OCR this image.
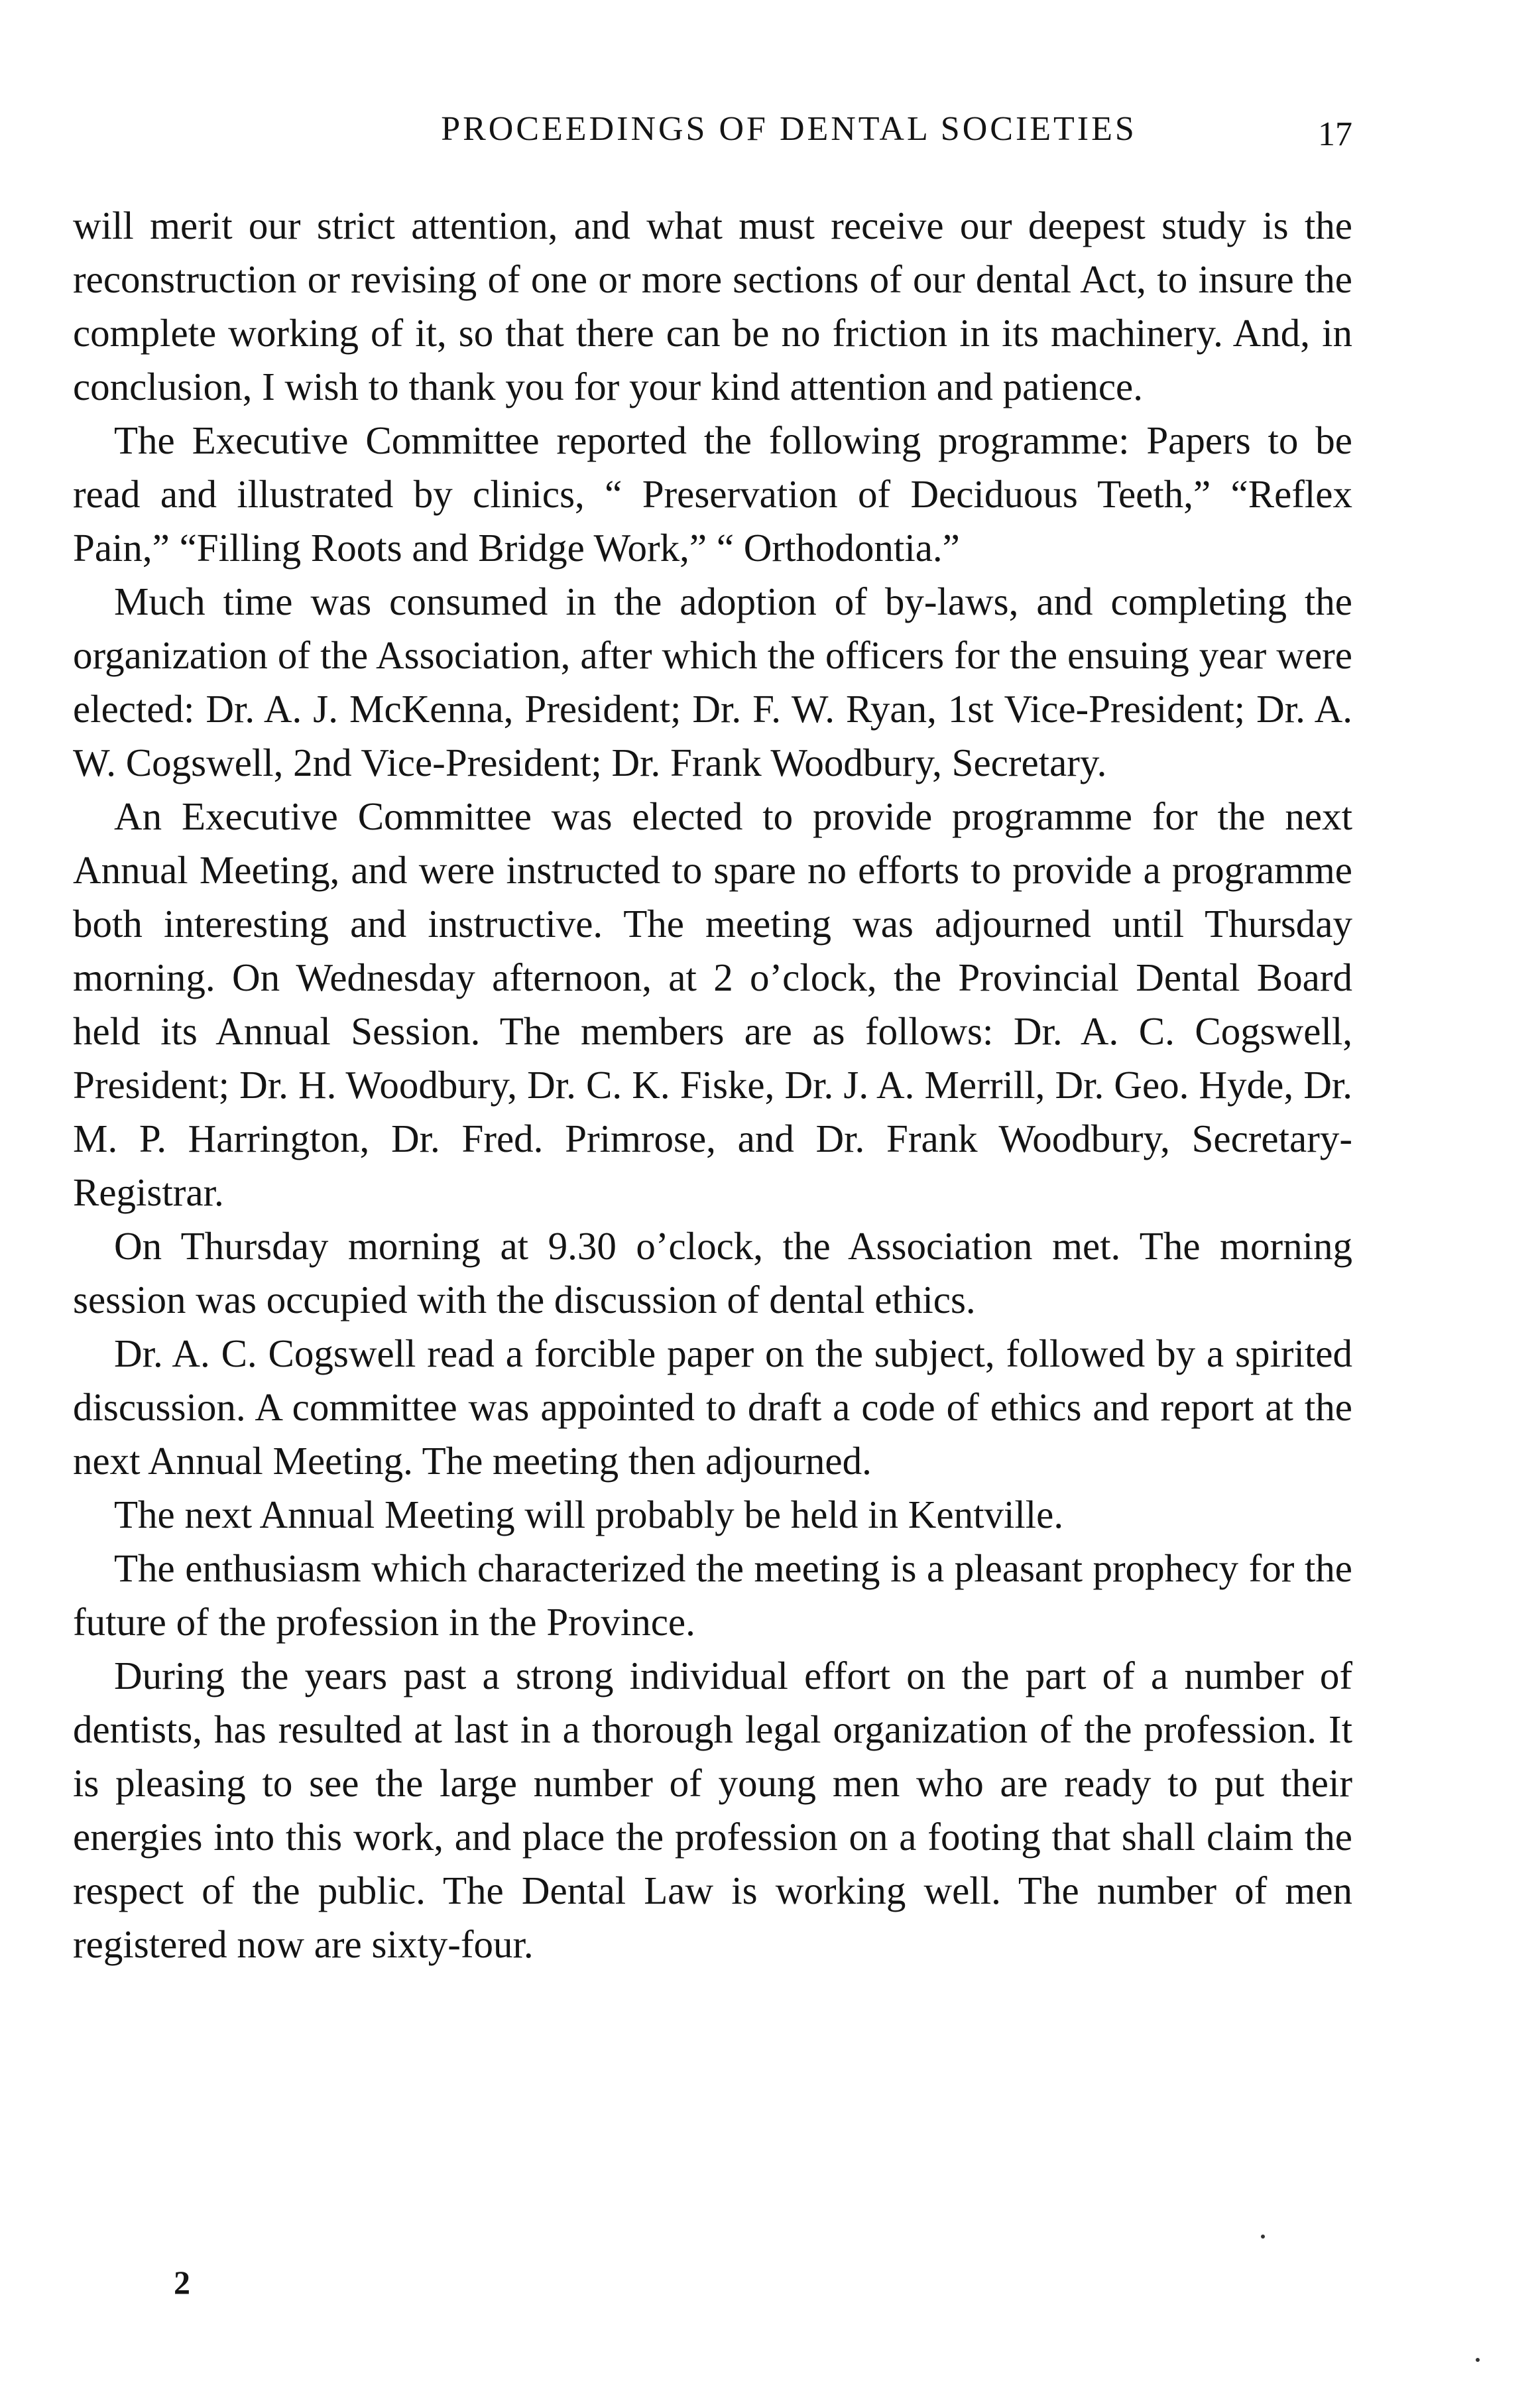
PROCEEDINGS OF DENTAL SOCIETIES	17

will merit our strict attention, and what must receive our deepest study is the reconstruction or revising of one or more sections of our dental Act, to insure the complete working of it, so that there can be no friction in its machinery. And, in conclusion, I wish to thank you for your kind attention and patience.

The Executive Committee reported the following programme: Papers to be read and illustrated by clinics, “ Preservation of Deciduous Teeth,” “Reflex Pain,” “Filling Roots and Bridge Work,” “ Orthodontia.”

Much time was consumed in the adoption of by-laws, and completing the organization of the Association, after which the officers for the ensuing year were elected: Dr. A. J. McKenna, President; Dr. F. W. Ryan, 1st Vice-President; Dr. A. W. Cogswell, 2nd Vice-President; Dr. Frank Woodbury, Secretary.

An Executive Committee was elected to provide programme for the next Annual Meeting, and were instructed to spare no efforts to provide a programme both interesting and instructive. The meeting was adjourned until Thursday morning. On Wednesday afternoon, at 2 o’clock, the Provincial Dental Board held its Annual Session. The members are as follows: Dr. A. C. Cogswell, President; Dr. H. Woodbury, Dr. C. K. Fiske, Dr. J. A. Merrill, Dr. Geo. Hyde, Dr. M. P. Harrington, Dr. Fred. Primrose, and Dr. Frank Woodbury, Secretary-Registrar.

On Thursday morning at 9.30 o’clock, the Association met. The morning session was occupied with the discussion of dental ethics.

Dr. A. C. Cogswell read a forcible paper on the subject, followed by a spirited discussion. A committee was appointed to draft a code of ethics and report at the next Annual Meeting. The meeting then adjourned.

The next Annual Meeting will probably be held in Kentville.

The enthusiasm which characterized the meeting is a pleasant prophecy for the future of the profession in the Province.

During the years past a strong individual effort on the part of a number of dentists, has resulted at last in a thorough legal organization of the profession. It is pleasing to see the large number of young men who are ready to put their energies into this work, and place the profession on a footing that shall claim the respect of the public. The Dental Law is working well. The number of men registered now are sixty-four.

2
